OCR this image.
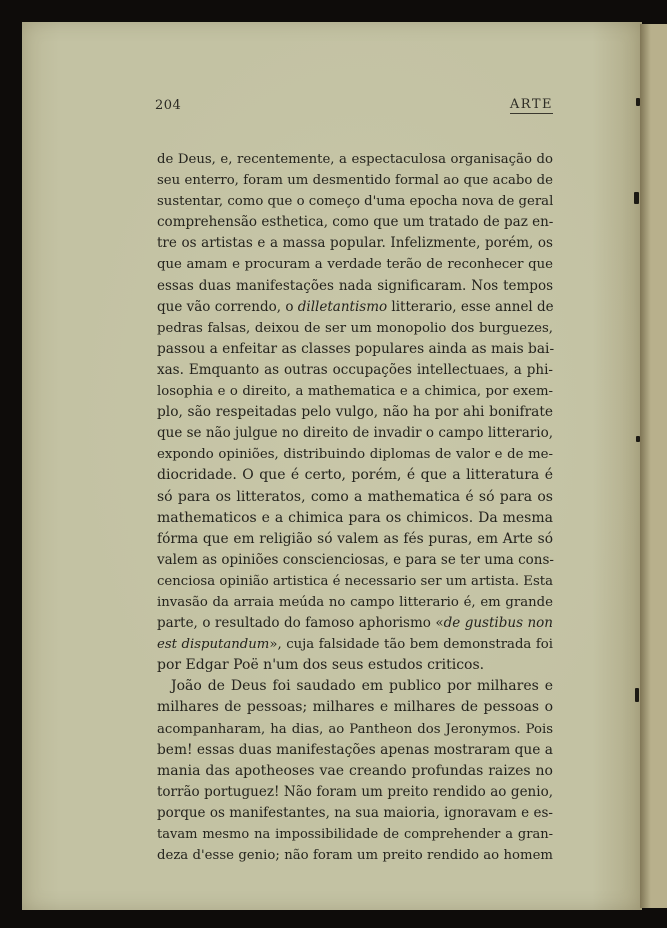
204	ARTE
de Deus, e, recentemente, a espectaculosa organisação do
seu enterro, foram um desmentido formal ao que acabo de
sustentar, como que o começo d'uma epocha nova de geral
comprehensão esthetica, como que um tratado de paz en-
tre os artistas e a massa popular. Infelizmente, porém, os
que amam e procuram a verdade terão de reconhecer que
essas duas manifestações nada significaram. Nos tempos
que vão correndo, o dilletantismo litterario, esse annel de
pedras falsas, deixou de ser um monopolio dos burguezes,
passou a enfeitar as classes populares ainda as mais bai-
xas. Emquanto as outras occupações intellectuaes, a phi-
losophia e o direito, a mathematica e a chimica, por exem-
plo, são respeitadas pelo vulgo, não ha por ahi bonifrate
que se não julgue no direito de invadir o campo litterario,
expondo opiniões, distribuindo diplomas de valor e de me-
diocridade. O que é certo, porém, é que a litteratura é
só para os litteratos, como a mathematica é só para os
mathematicos e a chimica para os chimicos. Da mesma
fórma que em religião só valem as fés puras, em Arte só
valem as opiniões conscienciosas, e para se ter uma cons-
cenciosa opinião artistica é necessario ser um artista. Esta
invasão da arraia meúda no campo litterario é, em grande
parte, o resultado do famoso aphorismo «de gustibus non
est disputandum», cuja falsidade tão bem demonstrada foi
por Edgar Poë n'um dos seus estudos criticos.
João de Deus foi saudado em publico por milhares e
milhares de pessoas; milhares e milhares de pessoas o
acompanharam, ha dias, ao Pantheon dos Jeronymos. Pois
bem! essas duas manifestações apenas mostraram que a
mania das apotheoses vae creando profundas raizes no
torrão portuguez! Não foram um preito rendido ao genio,
porque os manifestantes, na sua maioria, ignoravam e es-
tavam mesmo na impossibilidade de comprehender a gran-
deza d'esse genio; não foram um preito rendido ao homem
